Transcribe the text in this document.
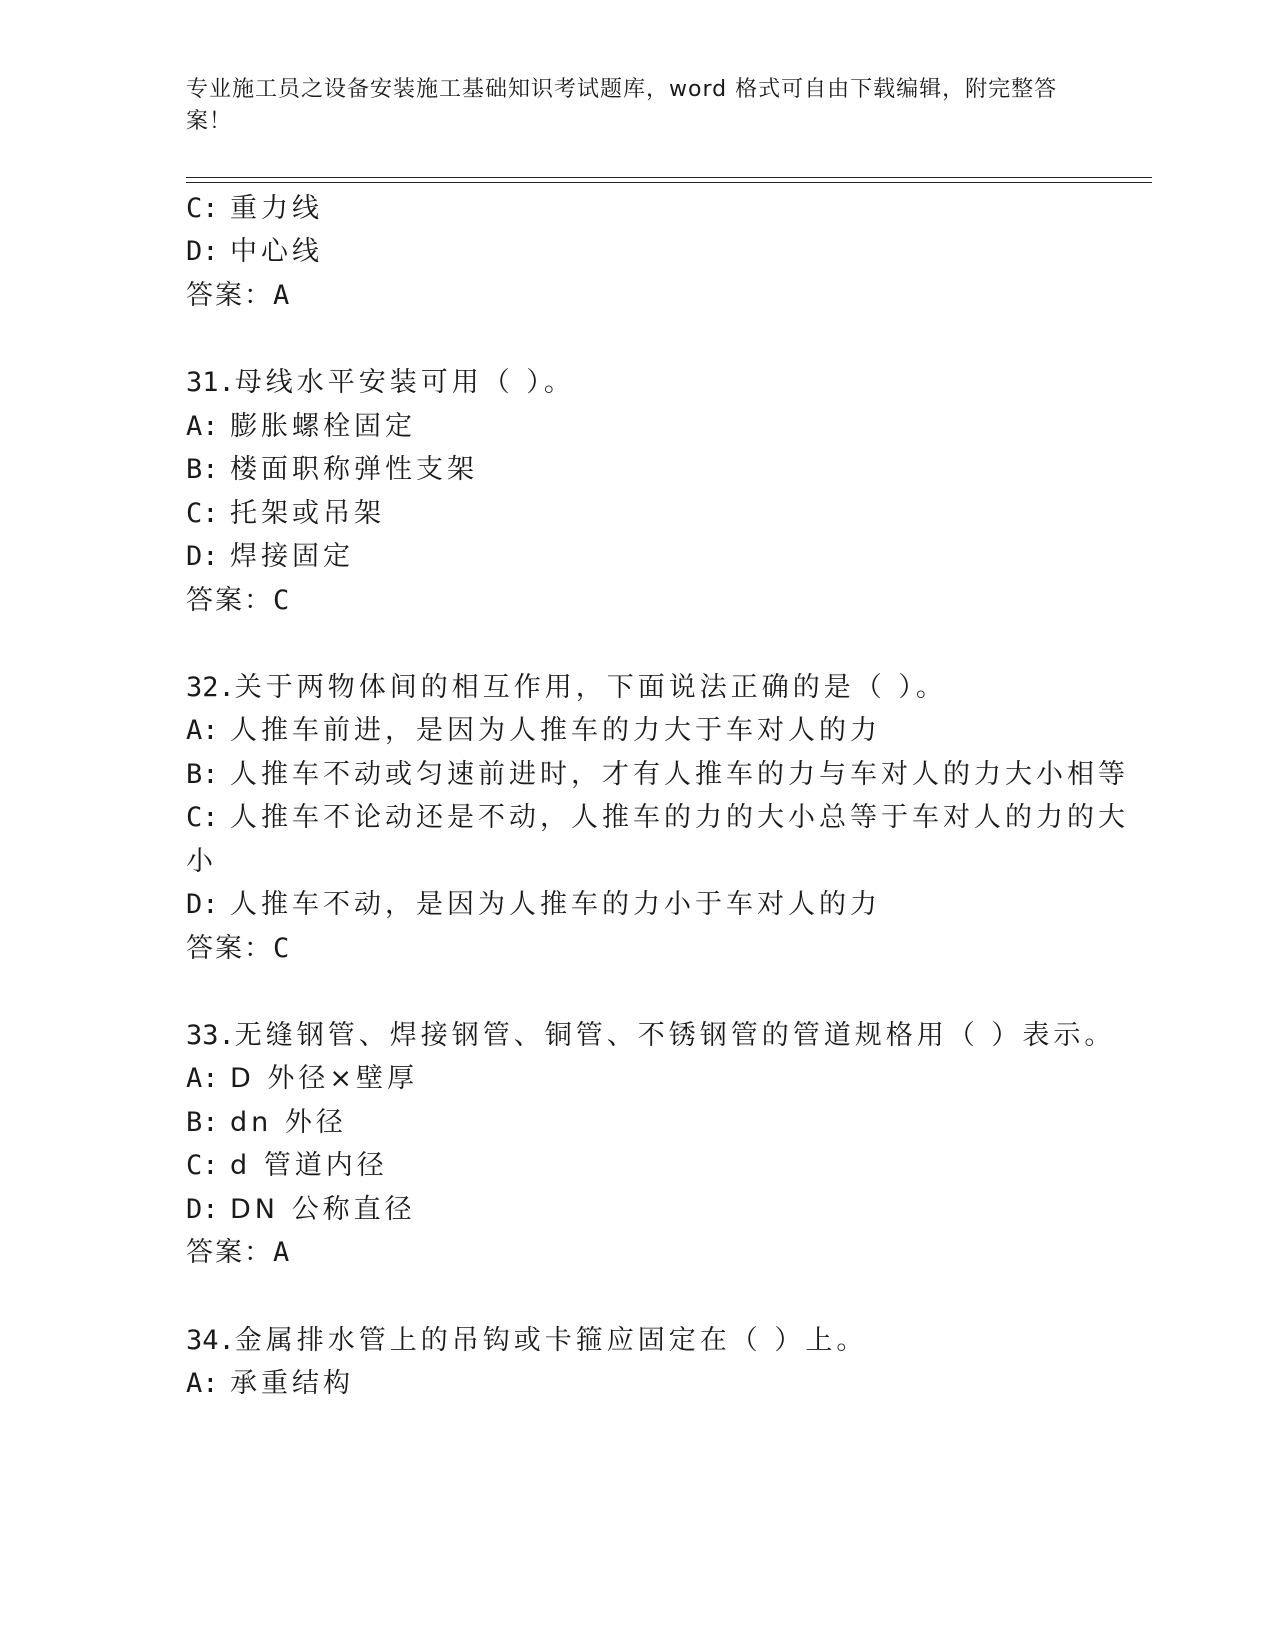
专业施工员之设备安装施工基础知识考试题库，word 格式可自由下载编辑，附完整答案！
C: 重力线
D: 中心线
答案：A
31.母线水平安装可用（ ）。
A: 膨胀螺栓固定
B: 楼面职称弹性支架
C: 托架或吊架
D: 焊接固定
答案：C
32.关于两物体间的相互作用，下面说法正确的是（ ）。
A: 人推车前进，是因为人推车的力大于车对人的力
B: 人推车不动或匀速前进时，才有人推车的力与车对人的力大小相等
C: 人推车不论动还是不动，人推车的力的大小总等于车对人的力的大
小
D: 人推车不动，是因为人推车的力小于车对人的力
答案：C
33.无缝钢管、焊接钢管、铜管、不锈钢管的管道规格用（ ）表示。
A: D 外径×壁厚
B: dn 外径
C: d 管道内径
D: DN 公称直径
答案：A
34.金属排水管上的吊钩或卡箍应固定在（ ）上。
A: 承重结构
